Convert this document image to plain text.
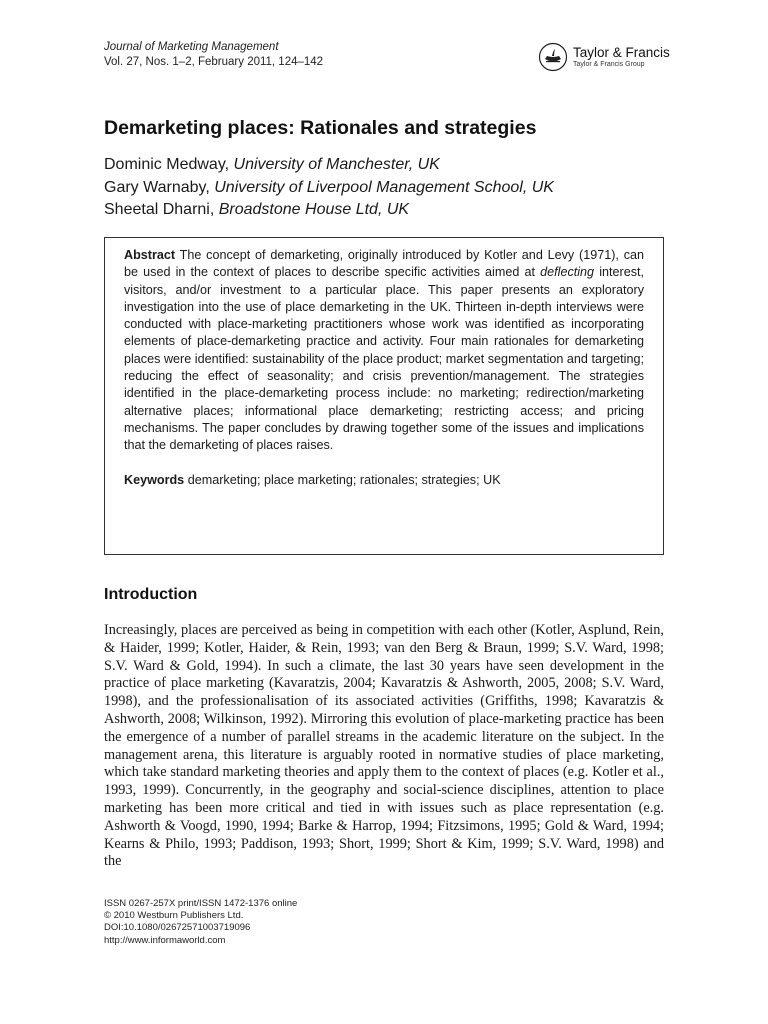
Journal of Marketing Management
Vol. 27, Nos. 1–2, February 2011, 124–142
Taylor & Francis
Taylor & Francis Group
Demarketing places: Rationales and strategies
Dominic Medway, University of Manchester, UK
Gary Warnaby, University of Liverpool Management School, UK
Sheetal Dharni, Broadstone House Ltd, UK

Abstract The concept of demarketing, originally introduced by Kotler and Levy (1971), can be used in the context of places to describe specific activities aimed at deflecting interest, visitors, and/or investment to a particular place. This paper presents an exploratory investigation into the use of place demarketing in the UK. Thirteen in-depth interviews were conducted with place-marketing practitioners whose work was identified as incorporating elements of place-demarketing practice and activity. Four main rationales for demarketing places were identified: sustainability of the place product; market segmentation and targeting; reducing the effect of seasonality; and crisis prevention/management. The strategies identified in the place-demarketing process include: no marketing; redirection/marketing alternative places; informational place demarketing; restricting access; and pricing mechanisms. The paper concludes by drawing together some of the issues and implications that the demarketing of places raises.

Keywords demarketing; place marketing; rationales; strategies; UK
Introduction

Increasingly, places are perceived as being in competition with each other (Kotler, Asplund, Rein, & Haider, 1999; Kotler, Haider, & Rein, 1993; van den Berg & Braun, 1999; S.V. Ward, 1998; S.V. Ward & Gold, 1994). In such a climate, the last 30 years have seen development in the practice of place marketing (Kavaratzis, 2004; Kavaratzis & Ashworth, 2005, 2008; S.V. Ward, 1998), and the professionalisation of its associated activities (Griffiths, 1998; Kavaratzis & Ashworth, 2008; Wilkinson, 1992). Mirroring this evolution of place-marketing practice has been the emergence of a number of parallel streams in the academic literature on the subject. In the management arena, this literature is arguably rooted in normative studies of place marketing, which take standard marketing theories and apply them to the context of places (e.g. Kotler et al., 1993, 1999). Concurrently, in the geography and social-science disciplines, attention to place marketing has been more critical and tied in with issues such as place representation (e.g. Ashworth & Voogd, 1990, 1994; Barke & Harrop, 1994; Fitzsimons, 1995; Gold & Ward, 1994; Kearns & Philo, 1993; Paddison, 1993; Short, 1999; Short & Kim, 1999; S.V. Ward, 1998) and the

ISSN 0267-257X print/ISSN 1472-1376 online
© 2010 Westburn Publishers Ltd.
DOI:10.1080/02672571003719096
http://www.informaworld.com
